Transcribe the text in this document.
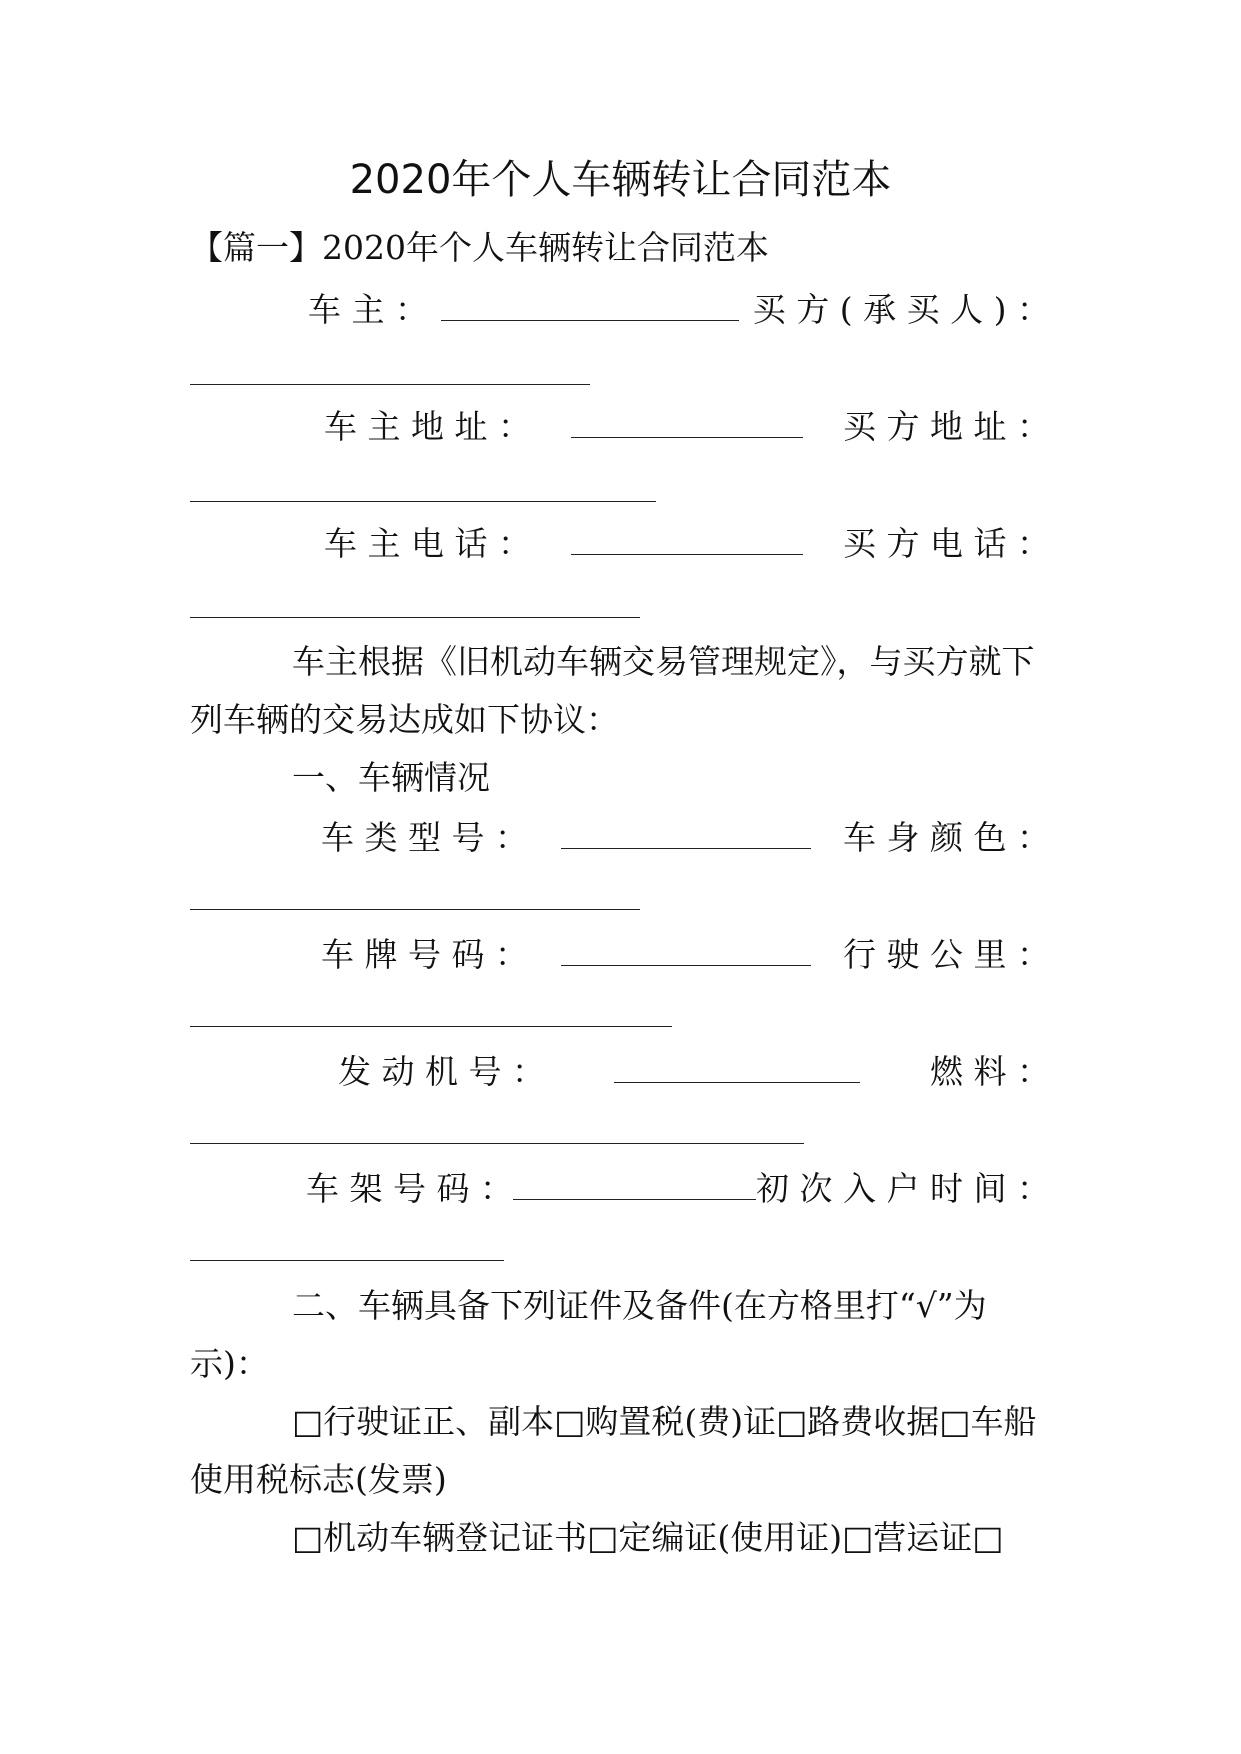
2020年个人车辆转让合同范本
【篇一】2020年个人车辆转让合同范本
车 主 ：	买 方 ( 承 买 人 ) ：
车 主 地 址 ：	买 方 地 址 ：
车 主 电 话 ：	买 方 电 话 ：
车主根据《旧机动车辆交易管理规定》，与买方就下
列车辆的交易达成如下协议：
一、车辆情况
车 类 型 号 ：	车 身 颜 色 ：
车 牌 号 码 ：	行 驶 公 里 ：
发 动 机 号 ：	燃 料 ：
车 架 号 码 ：	初 次 入 户 时 间 ：
二、车辆具备下列证件及备件(在方格里打“√”为
示)：
□行驶证正、副本□购置税(费)证□路费收据□车船
使用税标志(发票)
□机动车辆登记证书□定编证(使用证)□营运证□
